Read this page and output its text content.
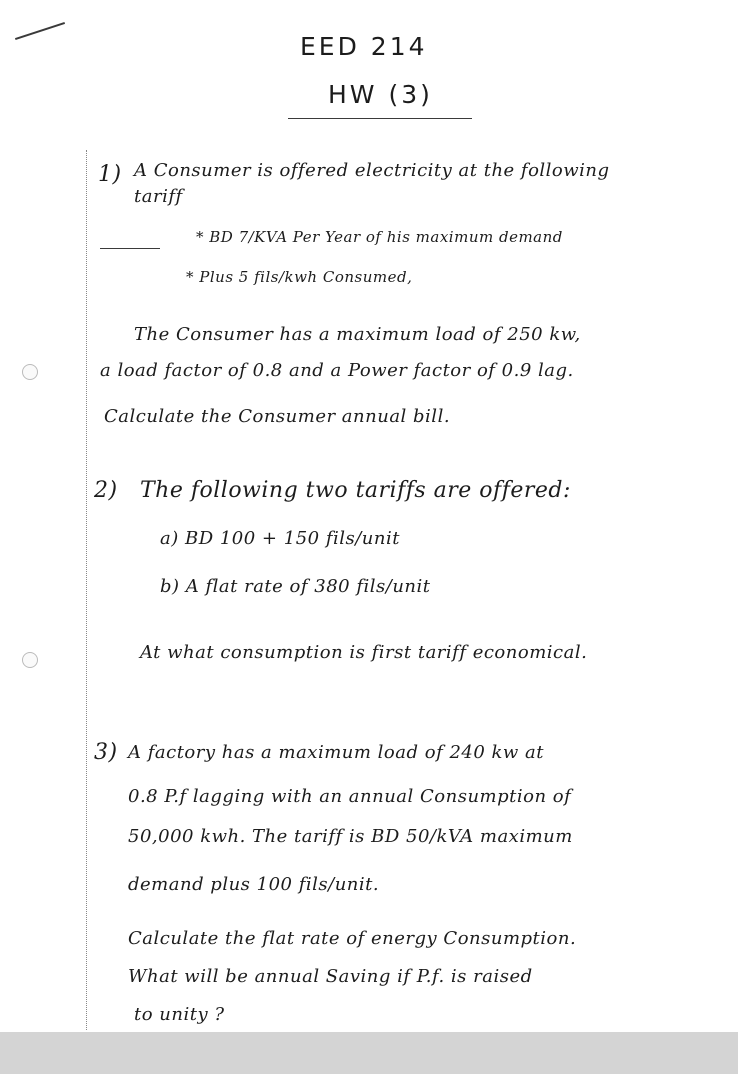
EED 214
HW (3)
1) A Consumer is offered electricity at the following
tariff
* BD 7/KVA Per Year of his maximum demand
* Plus 5 fils/kwh Consumed,
The Consumer has a maximum load of 250 kw,
a load factor of 0.8 and a Power factor of 0.9 lag.
Calculate the Consumer annual bill.
2) The following two tariffs are offered:
a) BD 100 + 150 fils/unit
b) A flat rate of 380 fils/unit
At what consumption is first tariff economical.
3) A factory has a maximum load of 240 kw at
0.8 P.f lagging with an annual Consumption of
50,000 kwh. The tariff is BD 50/kVA maximum
demand plus 100 fils/unit.
Calculate the flat rate of energy Consumption.
What will be annual Saving if P.f. is raised
to unity ?
